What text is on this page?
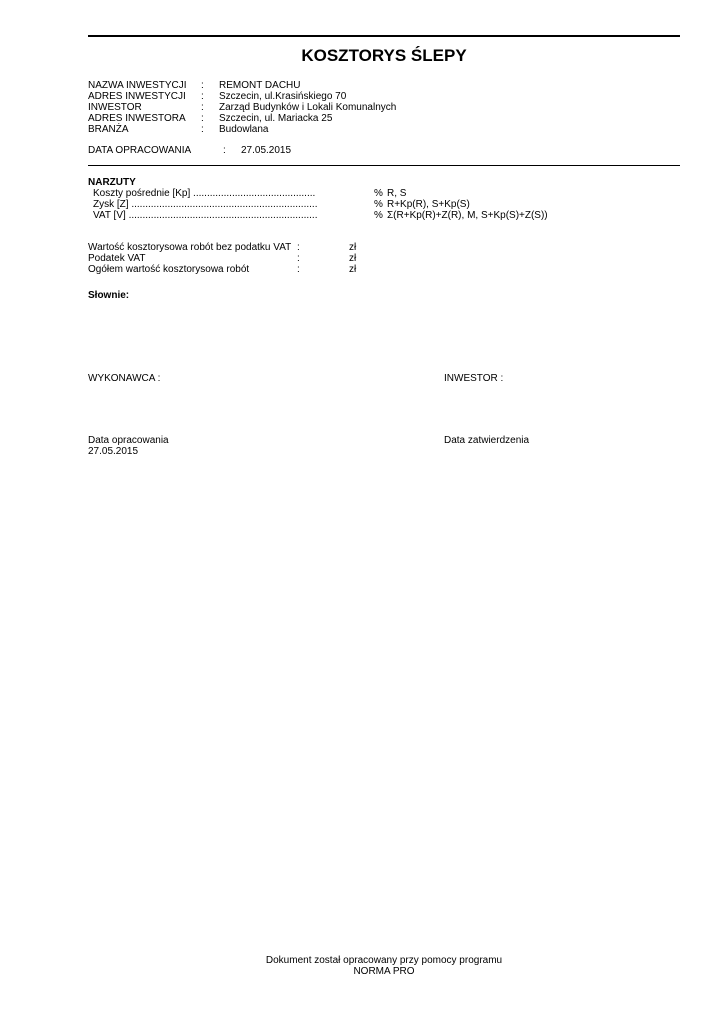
KOSZTORYS ŚLEPY
NAZWA INWESTYCJI : REMONT DACHU
ADRES INWESTYCJI : Szczecin, ul.Krasińskiego 70
INWESTOR	: Zarząd Budynków i Lokali Komunalnych
ADRES INWESTORA : Szczecin, ul. Mariacka 25
BRANŻA	: Budowlana
DATA OPRACOWANIA	: 27.05.2015
NARZUTY
Koszty pośrednie [Kp] ............................................	% R, S
Zysk [Z] ...................................................................	% R+Kp(R), S+Kp(S)
VAT [V] ....................................................................	% Σ(R+Kp(R)+Z(R), M, S+Kp(S)+Z(S))
Wartość kosztorysowa robót bez podatku VAT :	zł
Podatek VAT	:	zł
Ogółem wartość kosztorysowa robót	:	zł
Słownie:
WYKONAWCA :	INWESTOR :
Data opracowania
27.05.2015
Data zatwierdzenia
Dokument został opracowany przy pomocy programu
NORMA PRO
